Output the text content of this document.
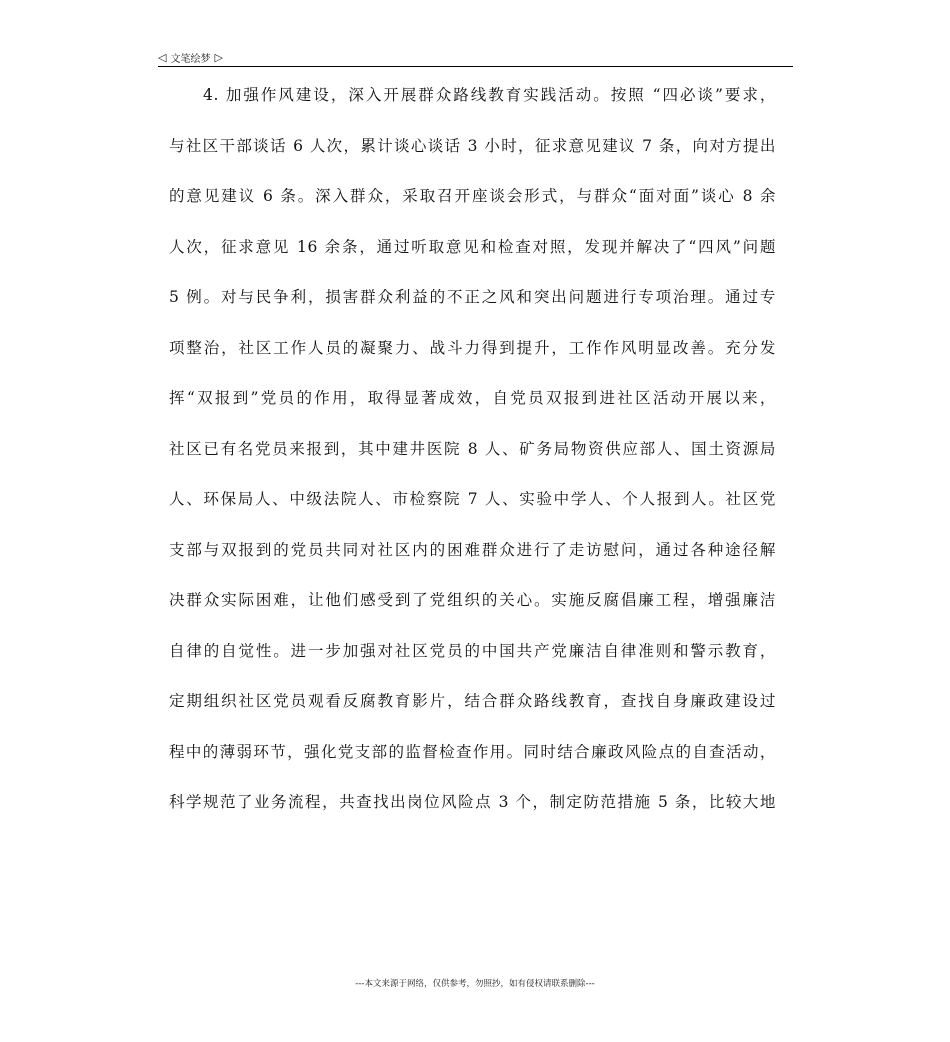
◁ 文笔绘梦 ▷
4. 加强作风建设，深入开展群众路线教育实践活动。按照 “四必谈”要求，
与社区干部谈话 6 人次，累计谈心谈话 3 小时，征求意见建议 7 条，向对方提出
的意见建议 6 条。深入群众，采取召开座谈会形式，与群众“面对面”谈心 8 余
人次，征求意见 16 余条，通过听取意见和检查对照，发现并解决了“四风”问题
5 例。对与民争利，损害群众利益的不正之风和突出问题进行专项治理。通过专
项整治，社区工作人员的凝聚力、战斗力得到提升，工作作风明显改善。充分发
挥“双报到”党员的作用，取得显著成效，自党员双报到进社区活动开展以来，
社区已有名党员来报到，其中建井医院 8 人、矿务局物资供应部人、国土资源局
人、环保局人、中级法院人、市检察院 7 人、实验中学人、个人报到人。社区党
支部与双报到的党员共同对社区内的困难群众进行了走访慰问，通过各种途径解
决群众实际困难，让他们感受到了党组织的关心。实施反腐倡廉工程，增强廉洁
自律的自觉性。进一步加强对社区党员的中国共产党廉洁自律准则和警示教育，
定期组织社区党员观看反腐教育影片，结合群众路线教育，查找自身廉政建设过
程中的薄弱环节，强化党支部的监督检查作用。同时结合廉政风险点的自查活动，
科学规范了业务流程，共查找出岗位风险点 3 个，制定防范措施 5 条，比较大地
---本文来源于网络，仅供参考，勿照抄，如有侵权请联系删除---
